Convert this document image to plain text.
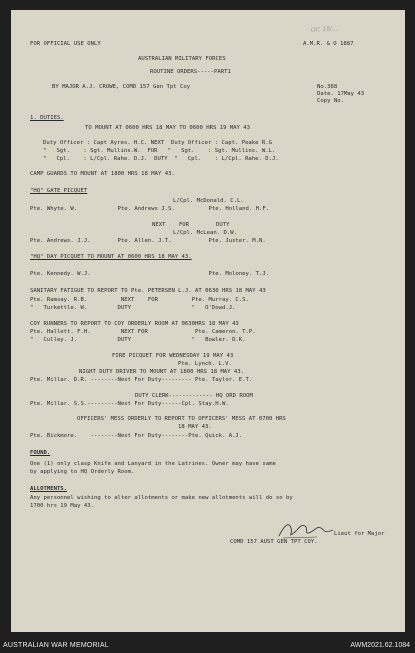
OC 18/...
FOR OFFICIAL USE ONLY	A.M.R. & O 1887
AUSTRALIAN MILITARY FORCES
ROUTINE ORDERS-----PART1
BY MAJOR A.J. CROWE, COMD 157 Gen Tpt Coy	No.368
Date. 17May 43
Copy No.
1. DUTIES.
TO MOUNT AT 0600 HRS 18 MAY TO 0600 HRS 19 MAY 43
Duty Officer : Capt Ayres. H.C. NEXT  Duty Officer : Capt. Peake R.G
"   Sgt.    : Sgt. Mullins.W.  FOR   "   Sgt.    : Sgt. Mullins. W.L.
"   Cpl.    : L/Cpl. Rahe. D.J.  DUTY  "   Cpl.    : L/Cpl. Rahe. D.J.
CAMP GUARDS TO MOUNT AT 1800 HRS 18 MAY 43.
"HQ" GATE PICQUET
L/Cpl. McDonald. C.L.
Pte. Whyte. W.            Pte. Andrews J.S.          Pte. Holland. H.F.
NEXT    FOR        DUTY
L/Cpl. McLean. D.W.
Pte. Andrews. J.J.        Pte. Allen. J.T.           Pte. Juster. M.N.
"HQ" DAY PICQUET TO MOUNT AT 0600 HRS 18 MAY 43.
Pte. Kennedy. W.J.                                   Pte. Moloney. T.J.
SANITARY FATIGUE TO REPORT TO Pte. PETERSEN L.J. AT 0630 HRS 18 MAY 43
Pte. Ramsay. R.B.          NEXT    FOR          Pte. Murray. C.S.
"   Turkettle. W.         DUTY                  "   O'Dowd.J.
COY RUNNERS TO REPORT TO COY ORDERLY ROOM AT 0630HRS 18 MAY 43
Pte. Hallett. F.H.         NEXT FOR              Pte. Cameron. T.P.
"   Culley. J.            DUTY                  "   Bowler. D.K.
FIRE PICQUET FOR WEDNESDAY 19 MAY 43
Pte. Lynch. L.V.
NIGHT DUTY DRIVER TO MOUNT AT 1800 HRS 18 MAY 43.
Pte. Millar. D.R. --------Next For Duty--------- Pte. Taylor. E.T.
DUTY CLERK------------- HQ ORD ROOM
Pte. Millar. S.S.---------Next For Duty------Cpl. Stay.H.W.
OFFICERS' MESS ORDERLY TO REPORT TO OFFICERS' MESS AT 0700 HRS
18 MAY 43.
Pte. Bickmore.    --------Next For Duty--------Pte. Quick. A.J.
FOUND.
One (1) only clasp Knife and Lanyard in the Latrines. Owner may have same
by applying to HQ Orderly Room.
ALLOTMENTS.
Any personnel wishing to alter allotments or make new allotments will do so by
1700 hrs 19 May 43.
Lieut for Major
COMD 157 AUST GEN TPT COY.
AUSTRALIAN WAR MEMORIAL	AWM2021.62.1084
